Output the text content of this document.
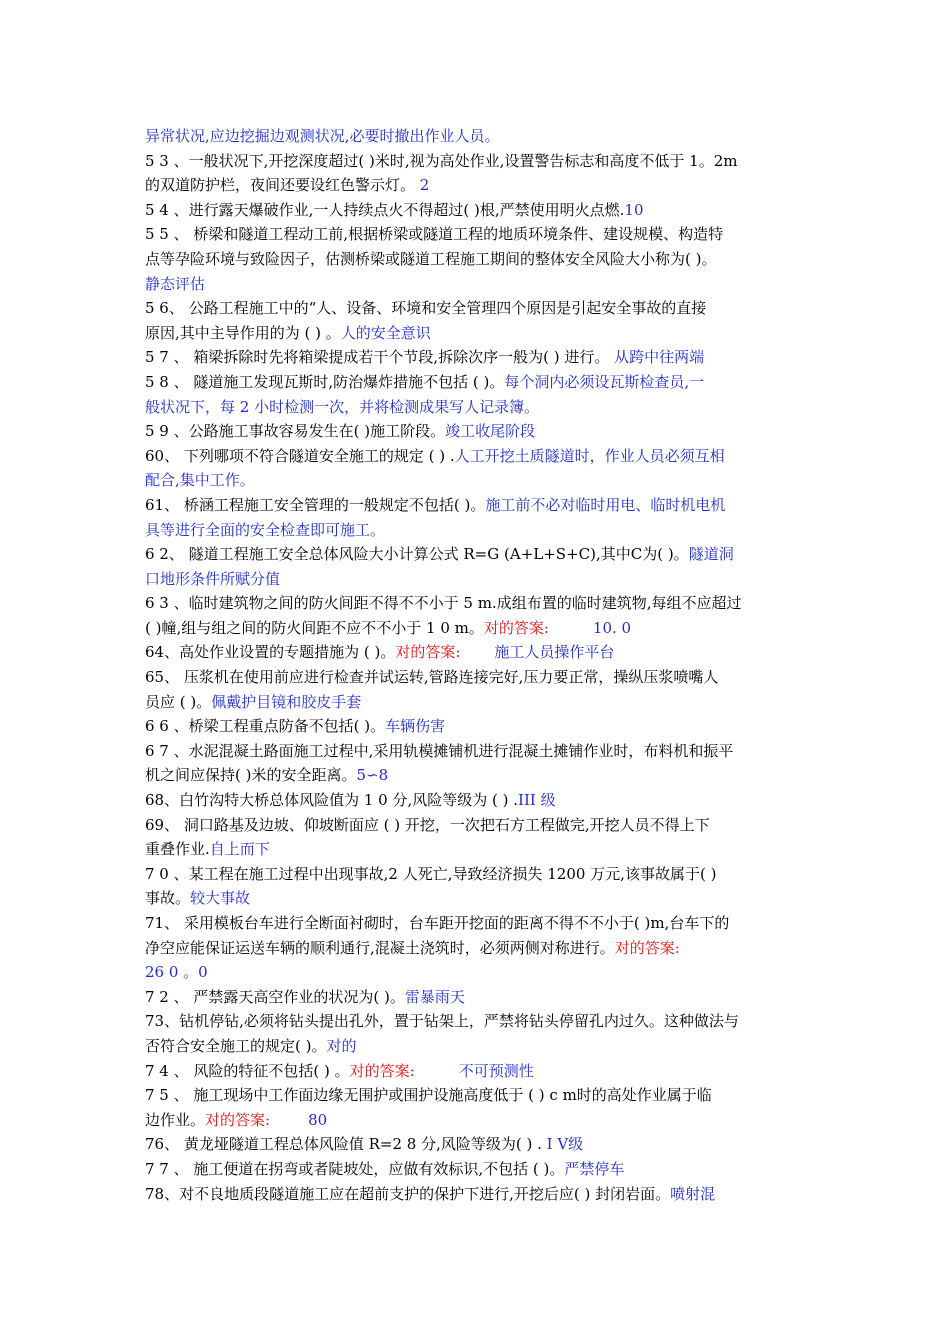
异常状况,应边挖掘边观测状况,必要时撤出作业人员。
5 3 、一般状况下,开挖深度超过( )米时,视为高处作业,设置警告标志和高度不低于 1。2m
的双道防护栏，夜间还要设红色警示灯。 2
5 4 、进行露天爆破作业,一人持续点火不得超过( )根,严禁使用明火点燃.10
5 5 、 桥梁和隧道工程动工前,根据桥梁或隧道工程的地质环境条件、建设规模、构造特
点等孕险环境与致险因子，估测桥梁或隧道工程施工期间的整体安全风险大小称为( )。
静态评估
5 6、 公路工程施工中的“人、设备、环境和安全管理四个原因是引起安全事故的直接
原因,其中主导作用的为 ( ) 。人的安全意识
5 7 、 箱梁拆除时先将箱梁提成若干个节段,拆除次序一般为( ) 进行。 从跨中往两端
5 8 、 隧道施工发现瓦斯时,防治爆炸措施不包括 ( )。每个洞内必须设瓦斯检查员,一
般状况下，每 2 小时检测一次，并将检测成果写人记录簿。
5 9 、公路施工事故容易发生在( )施工阶段。竣工收尾阶段
60、 下列哪项不符合隧道安全施工的规定 ( ) .人工开挖土质隧道时，作业人员必须互相
配合,集中工作。
61、 桥涵工程施工安全管理的一般规定不包括( )。施工前不必对临时用电、临时机电机
具等进行全面的安全检查即可施工。
6 2、 隧道工程施工安全总体风险大小计算公式 R=G (A+L+S+C),其中C为( )。隧道洞
口地形条件所赋分值
6 3 、临时建筑物之间的防火间距不得不不小于 5 m.成组布置的临时建筑物,每组不应超过
( )幢,组与组之间的防火间距不应不不小于 1 0 m。对的答案:	10. 0
64、高处作业设置的专题措施为 ( )。对的答案: 施工人员操作平台
65、 压浆机在使用前应进行检查并试运转,管路连接完好,压力要正常，操纵压浆喷嘴人
员应 ( )。佩戴护目镜和胶皮手套
6 6 、桥梁工程重点防备不包括( )。车辆伤害
6 7 、水泥混凝土路面施工过程中,采用轨模摊铺机进行混凝土摊铺作业时，布料机和振平
机之间应保持( )米的安全距离。5∽8
68、白竹沟特大桥总体风险值为 1 0 分,风险等级为 ( ) .III 级
69、 洞口路基及边坡、仰坡断面应 ( ) 开挖，一次把石方工程做完,开挖人员不得上下
重叠作业.自上而下
7 0 、某工程在施工过程中出现事故,2 人死亡,导致经济损失 1200 万元,该事故属于( )
事故。较大事故
71、 采用模板台车进行全断面衬砌时，台车距开挖面的距离不得不不小于( )m,台车下的
净空应能保证运送车辆的顺利通行,混凝土浇筑时，必须两侧对称进行。对的答案:
26 0 。0
7 2 、 严禁露天高空作业的状况为( )。雷暴雨天
73、钻机停钻,必须将钻头提出孔外，置于钻架上，严禁将钻头停留孔内过久。这种做法与
否符合安全施工的规定( )。对的
7 4 、 风险的特征不包括( ) 。对的答案:	不可预测性
7 5 、 施工现场中工作面边缘无围护或围护设施高度低于 ( ) c m时的高处作业属于临
边作业。对的答案:	80
76、 黄龙垭隧道工程总体风险值 R=2 8 分,风险等级为( ) . I V级
7 7 、 施工便道在拐弯或者陡坡处，应做有效标识,不包括 ( )。严禁停车
78、对不良地质段隧道施工应在超前支护的保护下进行,开挖后应( ) 封闭岩面。喷射混
